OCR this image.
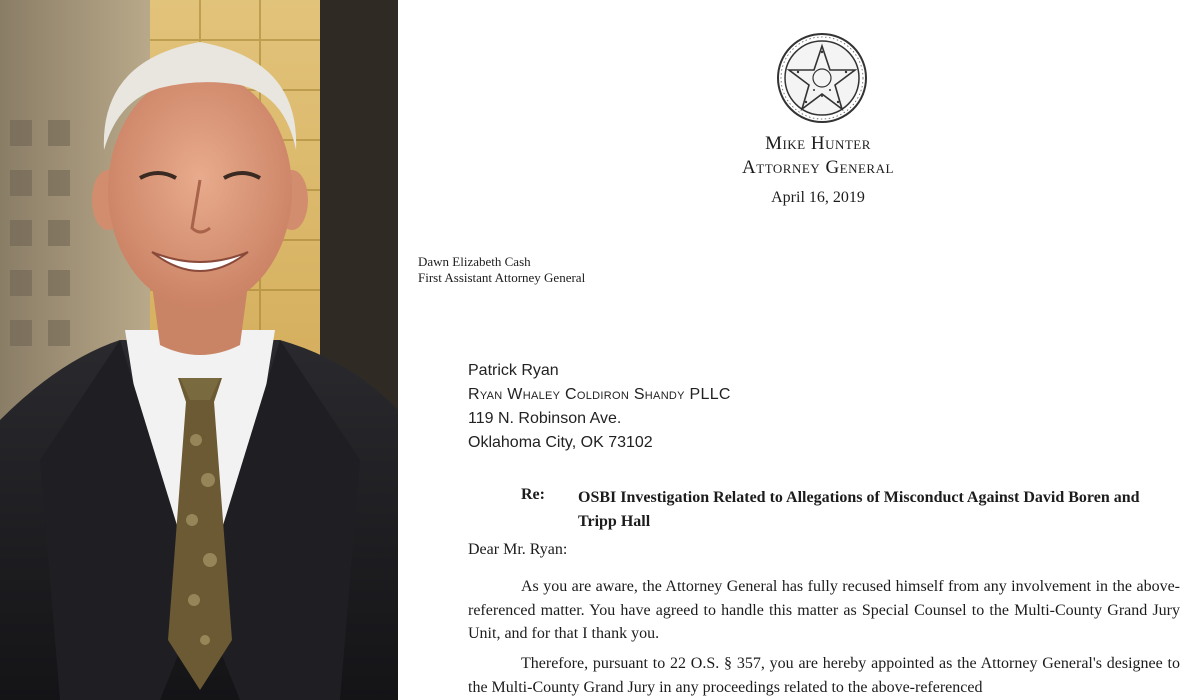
Mike Hunter
Attorney General
April 16, 2019
Dawn Elizabeth Cash
First Assistant Attorney General
Patrick Ryan
Ryan Whaley Coldiron Shandy PLLC
119 N. Robinson Ave.
Oklahoma City, OK 73102
Re: OSBI Investigation Related to Allegations of Misconduct Against David Boren and Tripp Hall
Dear Mr. Ryan:
As you are aware, the Attorney General has fully recused himself from any involvement in the above-referenced matter. You have agreed to handle this matter as Special Counsel to the Multi-County Grand Jury Unit, and for that I thank you.
Therefore, pursuant to 22 O.S. § 357, you are hereby appointed as the Attorney General's designee to the Multi-County Grand Jury in any proceedings related to the above-referenced
